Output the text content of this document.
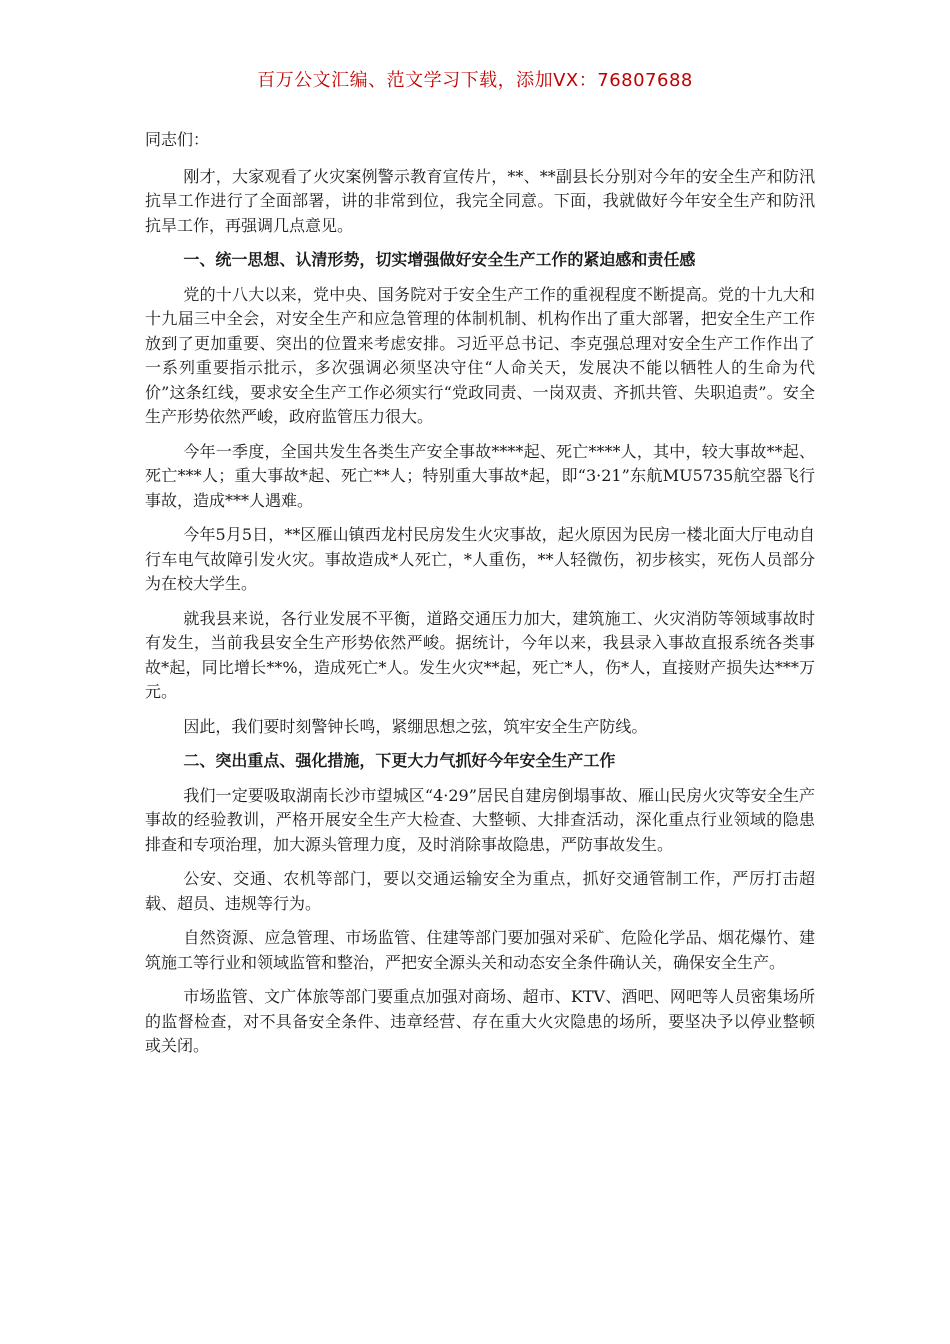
百万公文汇编、范文学习下载，添加VX：76807688

同志们：

刚才，大家观看了火灾案例警示教育宣传片，**、**副县长分别对今年的安全生产和防汛抗旱工作进行了全面部署，讲的非常到位，我完全同意。下面，我就做好今年安全生产和防汛抗旱工作，再强调几点意见。

一、统一思想、认清形势，切实增强做好安全生产工作的紧迫感和责任感

党的十八大以来，党中央、国务院对于安全生产工作的重视程度不断提高。党的十九大和十九届三中全会，对安全生产和应急管理的体制机制、机构作出了重大部署，把安全生产工作放到了更加重要、突出的位置来考虑安排。习近平总书记、李克强总理对安全生产工作作出了一系列重要指示批示，多次强调必须坚决守住“人命关天，发展决不能以牺牲人的生命为代价”这条红线，要求安全生产工作必须实行“党政同责、一岗双责、齐抓共管、失职追责”。安全生产形势依然严峻，政府监管压力很大。

今年一季度，全国共发生各类生产安全事故****起、死亡****人，其中，较大事故**起、死亡***人；重大事故*起、死亡**人；特别重大事故*起，即“3·21”东航MU5735航空器飞行事故，造成***人遇难。

今年5月5日，**区雁山镇西龙村民房发生火灾事故，起火原因为民房一楼北面大厅电动自行车电气故障引发火灾。事故造成*人死亡，*人重伤，**人轻微伤，初步核实，死伤人员部分为在校大学生。

就我县来说，各行业发展不平衡，道路交通压力加大，建筑施工、火灾消防等领域事故时有发生，当前我县安全生产形势依然严峻。据统计，今年以来，我县录入事故直报系统各类事故*起，同比增长**%，造成死亡*人。发生火灾**起，死亡*人，伤*人，直接财产损失达***万元。

因此，我们要时刻警钟长鸣，紧绷思想之弦，筑牢安全生产防线。

二、突出重点、强化措施，下更大力气抓好今年安全生产工作

我们一定要吸取湖南长沙市望城区“4·29”居民自建房倒塌事故、雁山民房火灾等安全生产事故的经验教训，严格开展安全生产大检查、大整顿、大排查活动，深化重点行业领域的隐患排查和专项治理，加大源头管理力度，及时消除事故隐患，严防事故发生。

公安、交通、农机等部门，要以交通运输安全为重点，抓好交通管制工作，严厉打击超载、超员、违规等行为。

自然资源、应急管理、市场监管、住建等部门要加强对采矿、危险化学品、烟花爆竹、建筑施工等行业和领域监管和整治，严把安全源头关和动态安全条件确认关，确保安全生产。

市场监管、文广体旅等部门要重点加强对商场、超市、KTV、酒吧、网吧等人员密集场所的监督检查，对不具备安全条件、违章经营、存在重大火灾隐患的场所，要坚决予以停业整顿或关闭。
